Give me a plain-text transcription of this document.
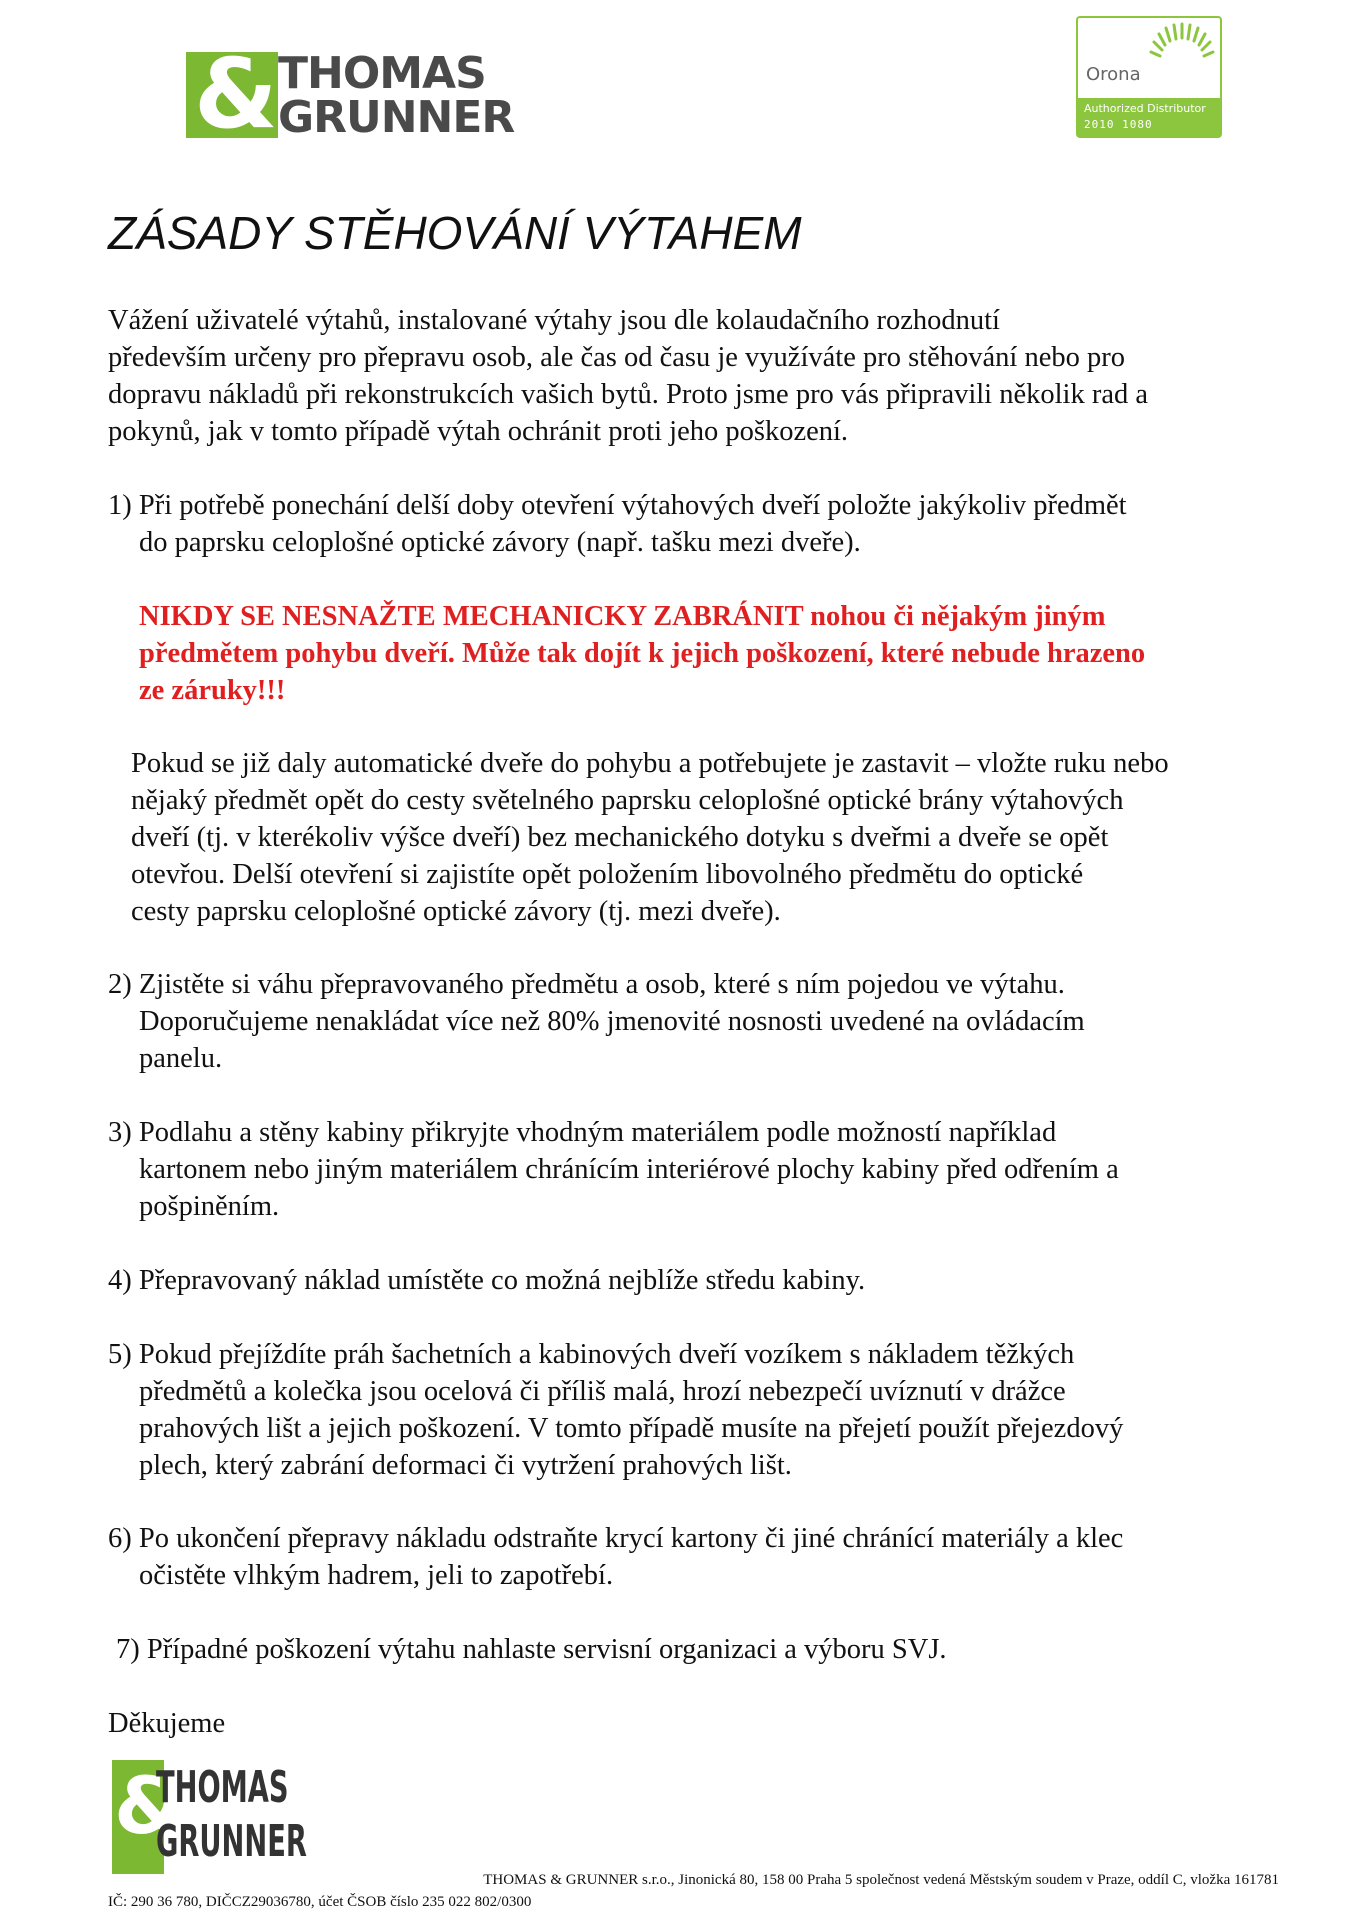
& THOMAS
GRUNNER
Orona
Authorized Distributor
2010 1080
ZÁSADY STĚHOVÁNÍ VÝTAHEM

Vážení uživatelé výtahů, instalované výtahy jsou dle kolaudačního rozhodnutí

především určeny pro přepravu osob, ale čas od času je využíváte pro stěhování nebo pro

dopravu nákladů při rekonstrukcích vašich bytů. Proto jsme pro vás připravili několik rad a

pokynů, jak v tomto případě výtah ochránit proti jeho poškození.

1) Při potřebě ponechání delší doby otevření výtahových dveří položte jakýkoliv předmět

do paprsku celoplošné optické závory (např. tašku mezi dveře).

NIKDY SE NESNAŽTE MECHANICKY ZABRÁNIT nohou či nějakým jiným

předmětem pohybu dveří. Může tak dojít k jejich poškození, které nebude hrazeno

ze záruky!!!

Pokud se již daly automatické dveře do pohybu a potřebujete je zastavit – vložte ruku nebo

nějaký předmět opět do cesty světelného paprsku celoplošné optické brány výtahových

dveří (tj. v kterékoliv výšce dveří) bez mechanického dotyku s dveřmi a dveře se opět

otevřou. Delší otevření si zajistíte opět položením libovolného předmětu do optické

cesty paprsku celoplošné optické závory (tj. mezi dveře).

2) Zjistěte si váhu přepravovaného předmětu a osob, které s ním pojedou ve výtahu.

Doporučujeme nenakládat více než 80% jmenovité nosnosti uvedené na ovládacím

panelu.

3) Podlahu a stěny kabiny přikryjte vhodným materiálem podle možností například

kartonem nebo jiným materiálem chránícím interiérové plochy kabiny před odřením a

pošpiněním.

4) Přepravovaný náklad umístěte co možná nejblíže středu kabiny.

5) Pokud přejíždíte práh šachetních a kabinových dveří vozíkem s nákladem těžkých

předmětů a kolečka jsou ocelová či příliš malá, hrozí nebezpečí uvíznutí v drážce

prahových lišt a jejich poškození. V tomto případě musíte na přejetí použít přejezdový

plech, který zabrání deformaci či vytržení prahových lišt.

6) Po ukončení přepravy nákladu odstraňte krycí kartony či jiné chránící materiály a klec

očistěte vlhkým hadrem, jeli to zapotřebí.

7) Případné poškození výtahu nahlaste servisní organizaci a výboru SVJ.

Děkujeme
&
THOMAS
GRUNNER
THOMAS & GRUNNER s.r.o., Jinonická 80, 158 00 Praha 5 společnost vedená Městským soudem v Praze, oddíl C, vložka 161781
IČ: 290 36 780, DIČCZ29036780, účet ČSOB číslo 235 022 802/0300
